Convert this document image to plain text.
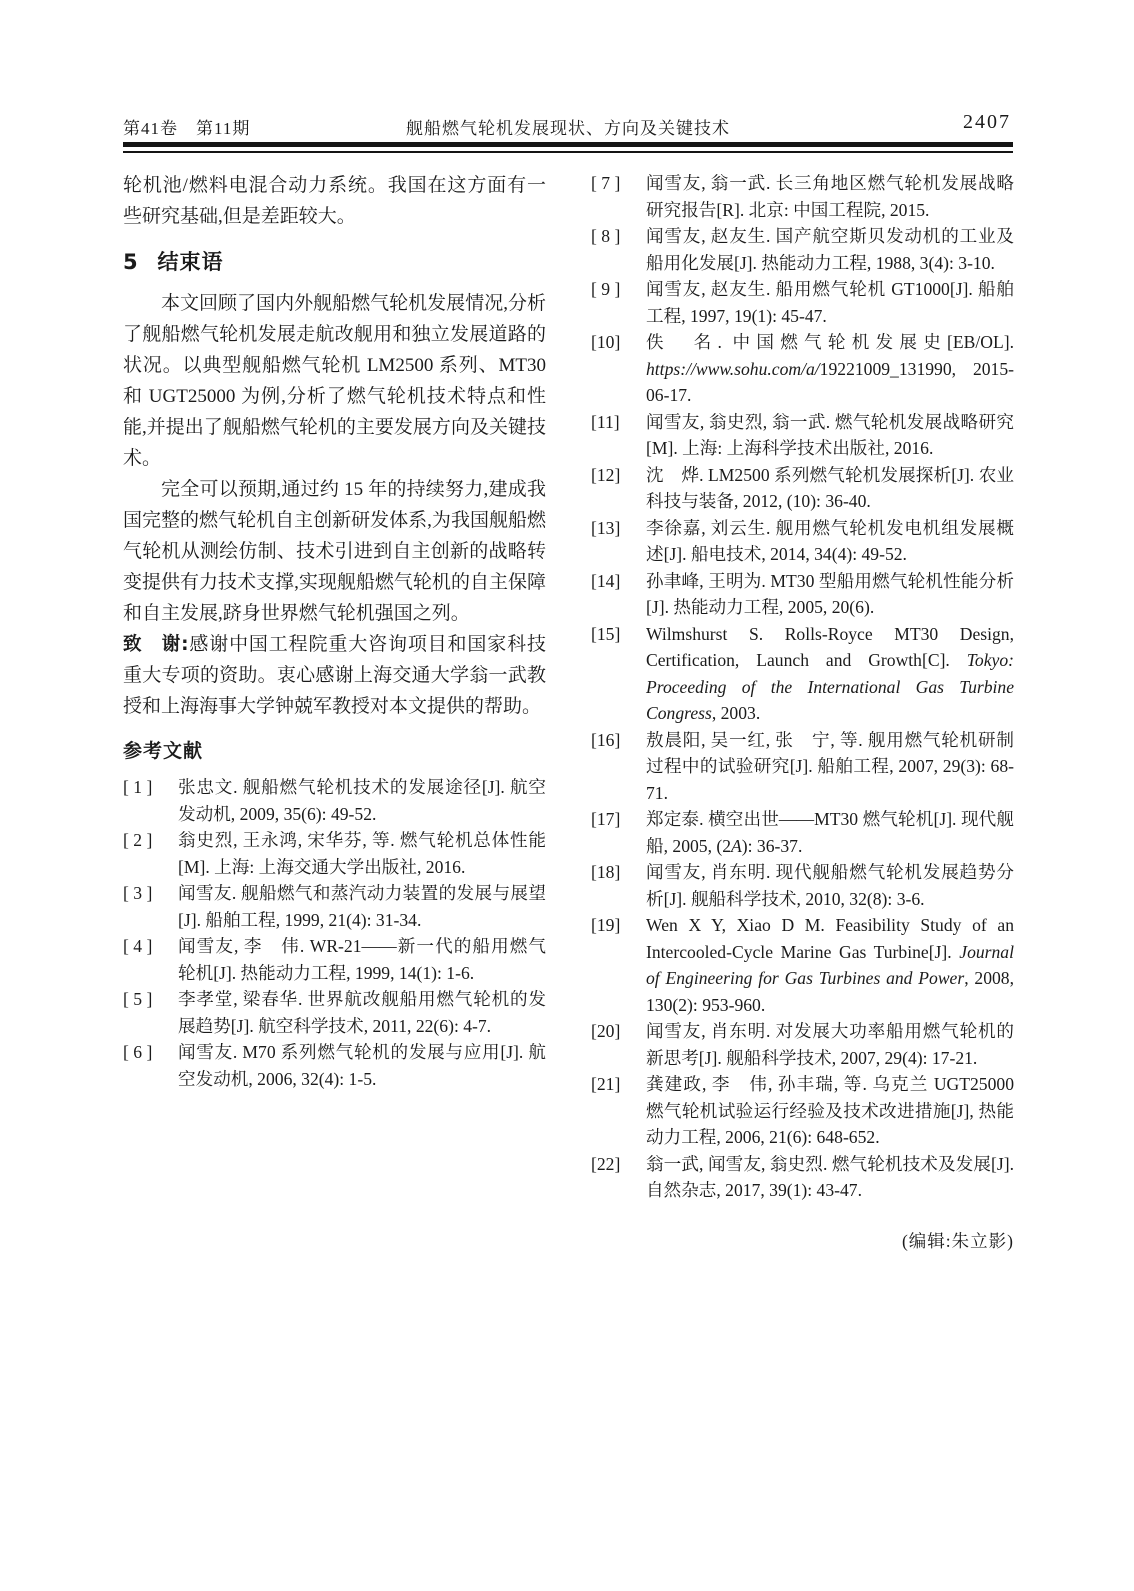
第41卷　第11期	舰船燃气轮机发展现状、方向及关键技术	2407

轮机池/燃料电混合动力系统。我国在这方面有一些研究基础,但是差距较大。

5 结束语

本文回顾了国内外舰船燃气轮机发展情况,分析了舰船燃气轮机发展走航改舰用和独立发展道路的状况。以典型舰船燃气轮机 LM2500 系列、MT30 和 UGT25000 为例,分析了燃气轮机技术特点和性能,并提出了舰船燃气轮机的主要发展方向及关键技术。

完全可以预期,通过约 15 年的持续努力,建成我国完整的燃气轮机自主创新研发体系,为我国舰船燃气轮机从测绘仿制、技术引进到自主创新的战略转变提供有力技术支撑,实现舰船燃气轮机的自主保障和自主发展,跻身世界燃气轮机强国之列。

致　谢:感谢中国工程院重大咨询项目和国家科技重大专项的资助。衷心感谢上海交通大学翁一武教授和上海海事大学钟兢军教授对本文提供的帮助。

参考文献
[ 1 ]	张忠文. 舰船燃气轮机技术的发展途径[J]. 航空发动机, 2009, 35(6): 49-52.
[ 2 ]	翁史烈, 王永鸿, 宋华芬, 等. 燃气轮机总体性能[M]. 上海: 上海交通大学出版社, 2016.
[ 3 ]	闻雪友. 舰船燃气和蒸汽动力装置的发展与展望[J]. 船舶工程, 1999, 21(4): 31-34.
[ 4 ]	闻雪友, 李　伟. WR-21——新一代的船用燃气轮机[J]. 热能动力工程, 1999, 14(1): 1-6.
[ 5 ]	李孝堂, 梁春华. 世界航改舰船用燃气轮机的发展趋势[J]. 航空科学技术, 2011, 22(6): 4-7.
[ 6 ]	闻雪友. M70 系列燃气轮机的发展与应用[J]. 航空发动机, 2006, 32(4): 1-5.
[ 7 ]	闻雪友, 翁一武. 长三角地区燃气轮机发展战略研究报告[R]. 北京: 中国工程院, 2015.
[ 8 ]	闻雪友, 赵友生. 国产航空斯贝发动机的工业及船用化发展[J]. 热能动力工程, 1988, 3(4): 3-10.
[ 9 ]	闻雪友, 赵友生. 船用燃气轮机 GT1000[J]. 船舶工程, 1997, 19(1): 45-47.
[10]	佚　名. 中国燃气轮机发展史[EB/OL]. https://www.sohu.com/a/19221009_131990, 2015-06-17.
[11]	闻雪友, 翁史烈, 翁一武. 燃气轮机发展战略研究[M]. 上海: 上海科学技术出版社, 2016.
[12]	沈　烨. LM2500 系列燃气轮机发展探析[J]. 农业科技与装备, 2012, (10): 36-40.
[13]	李徐嘉, 刘云生. 舰用燃气轮机发电机组发展概述[J]. 船电技术, 2014, 34(4): 49-52.
[14]	孙聿峰, 王明为. MT30 型船用燃气轮机性能分析[J]. 热能动力工程, 2005, 20(6).
[15]	Wilmshurst S. Rolls-Royce MT30 Design, Certification, Launch and Growth[C]. Tokyo: Proceeding of the International Gas Turbine Congress, 2003.
[16]	敖晨阳, 吴一红, 张　宁, 等. 舰用燃气轮机研制过程中的试验研究[J]. 船舶工程, 2007, 29(3): 68-71.
[17]	郑定泰. 横空出世——MT30 燃气轮机[J]. 现代舰船, 2005, (2A): 36-37.
[18]	闻雪友, 肖东明. 现代舰船燃气轮机发展趋势分析[J]. 舰船科学技术, 2010, 32(8): 3-6.
[19]	Wen X Y, Xiao D M. Feasibility Study of an Intercooled-Cycle Marine Gas Turbine[J]. Journal of Engineering for Gas Turbines and Power, 2008, 130(2): 953-960.
[20]	闻雪友, 肖东明. 对发展大功率船用燃气轮机的新思考[J]. 舰船科学技术, 2007, 29(4): 17-21.
[21]	龚建政, 李　伟, 孙丰瑞, 等. 乌克兰 UGT25000 燃气轮机试验运行经验及技术改进措施[J], 热能动力工程, 2006, 21(6): 648-652.
[22]	翁一武, 闻雪友, 翁史烈. 燃气轮机技术及发展[J]. 自然杂志, 2017, 39(1): 43-47.
(编辑:朱立影)
